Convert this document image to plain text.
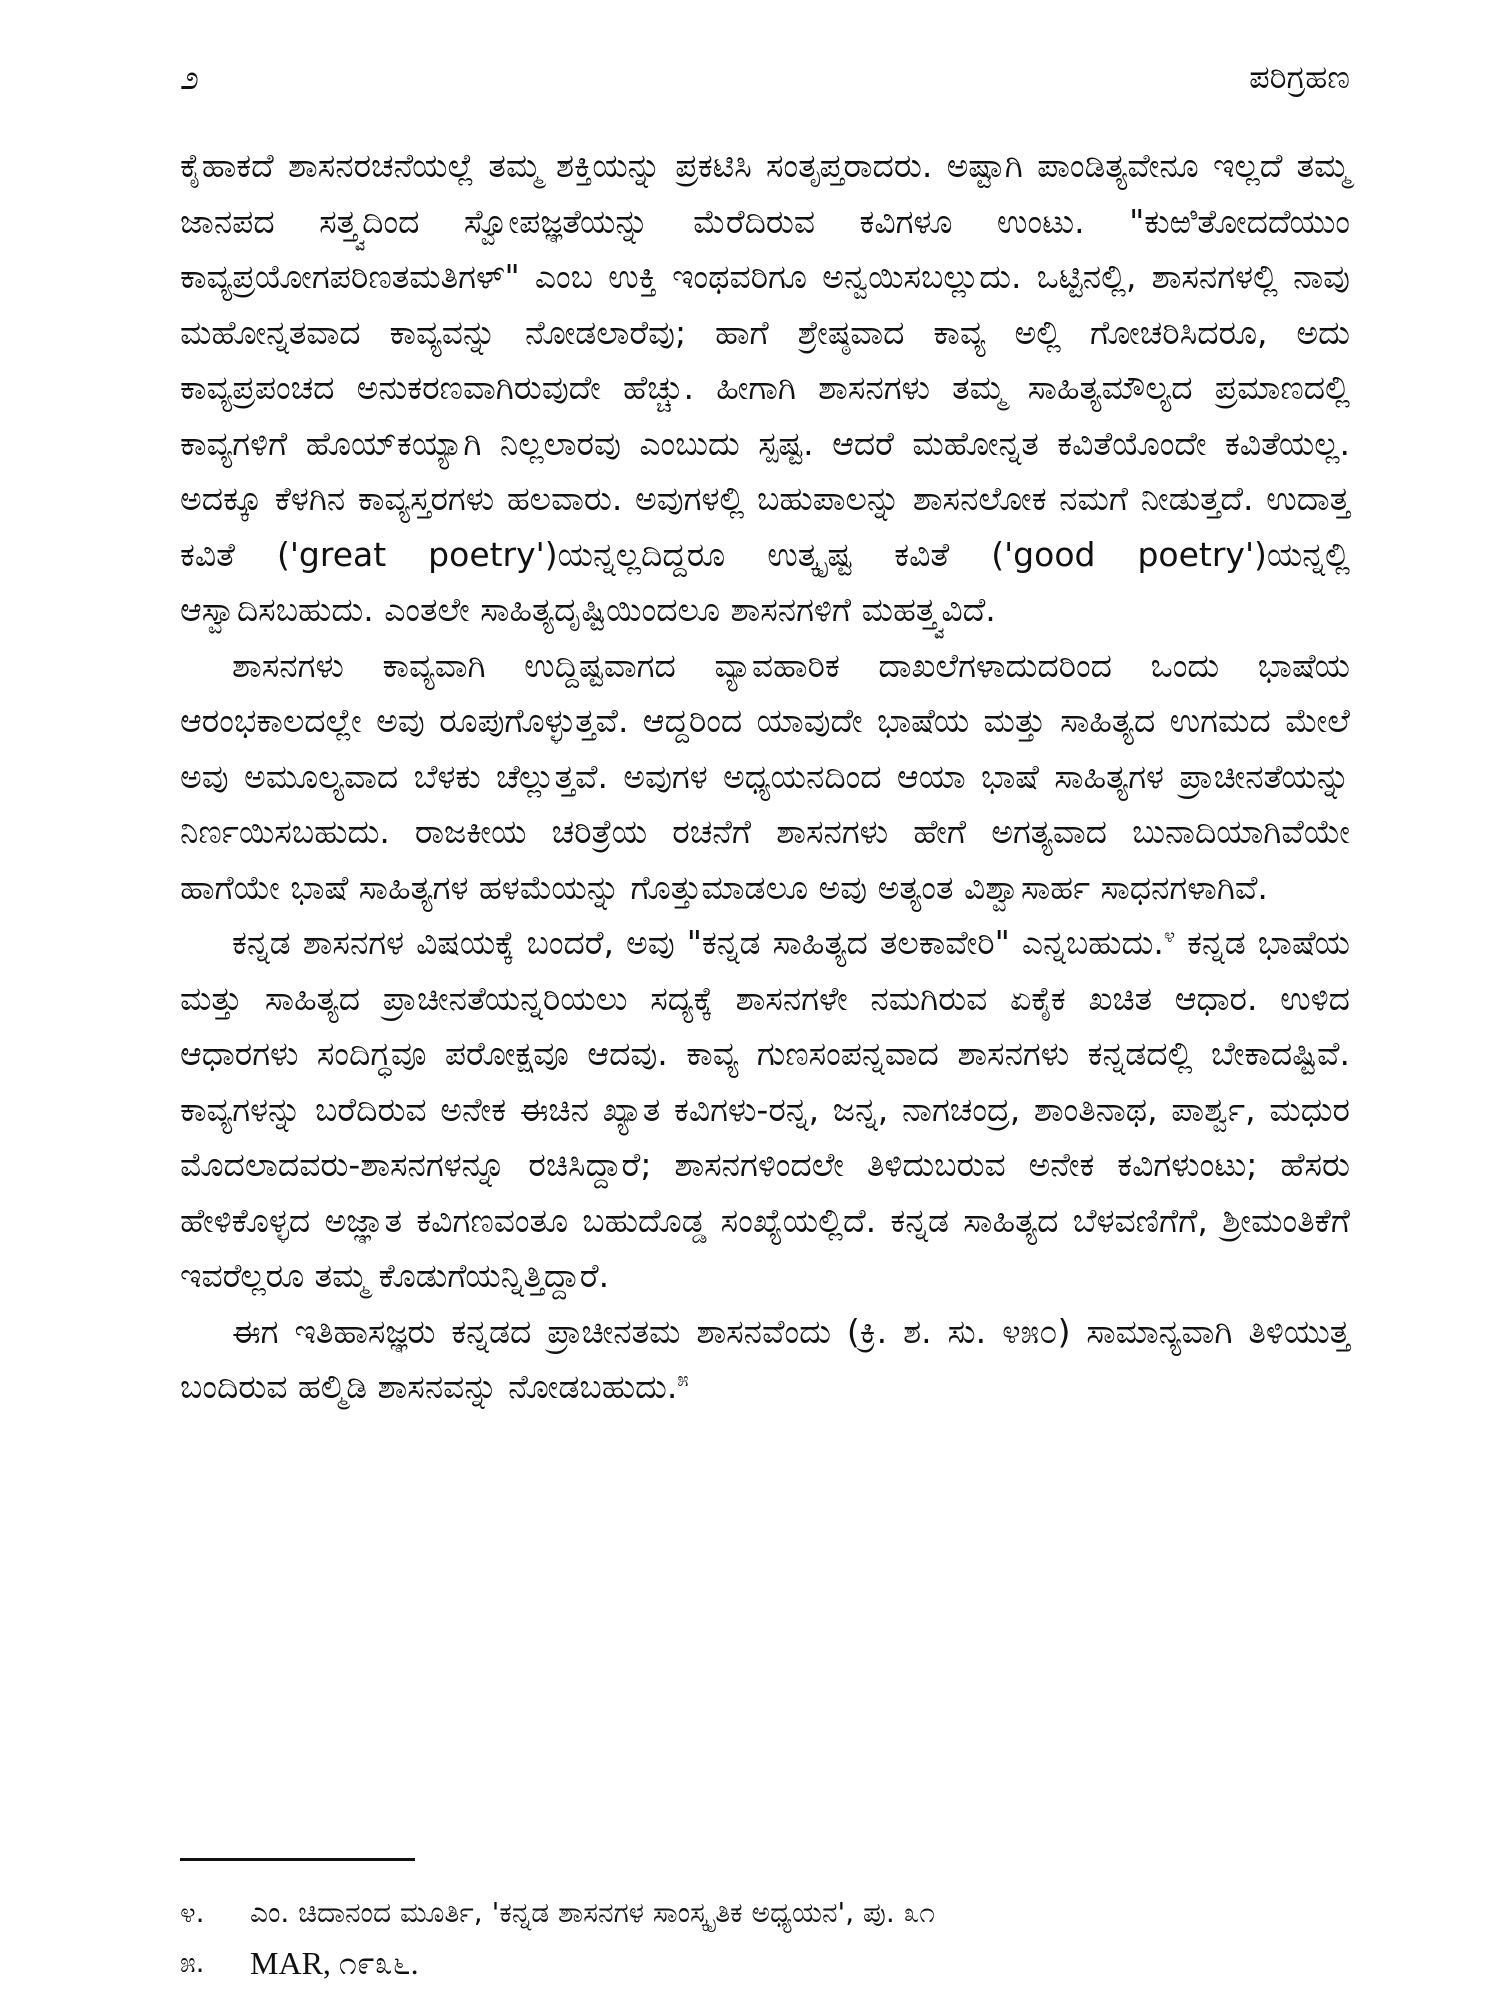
೨	ಪರಿಗ್ರಹಣ

ಕೈಹಾಕದೆ ಶಾಸನರಚನೆಯಲ್ಲೆ ತಮ್ಮ ಶಕ್ತಿಯನ್ನು ಪ್ರಕಟಿಸಿ ಸಂತೃಪ್ತರಾದರು. ಅಷ್ಟಾಗಿ ಪಾಂಡಿತ್ಯವೇನೂ ಇಲ್ಲದೆ ತಮ್ಮ ಜಾನಪದ ಸತ್ತ್ವದಿಂದ ಸ್ವೋಪಜ್ಞತೆಯನ್ನು ಮೆರೆದಿರುವ ಕವಿಗಳೂ ಉಂಟು. "ಕುಱಿತೋದದೆಯುಂ ಕಾವ್ಯಪ್ರಯೋಗಪರಿಣತಮತಿಗಳ್" ಎಂಬ ಉಕ್ತಿ ಇಂಥವರಿಗೂ ಅನ್ವಯಿಸಬಲ್ಲುದು. ಒಟ್ಟಿನಲ್ಲಿ, ಶಾಸನಗಳಲ್ಲಿ ನಾವು ಮಹೋನ್ನತವಾದ ಕಾವ್ಯವನ್ನು ನೋಡಲಾರೆವು; ಹಾಗೆ ಶ್ರೇಷ್ಠವಾದ ಕಾವ್ಯ ಅಲ್ಲಿ ಗೋಚರಿಸಿದರೂ, ಅದು ಕಾವ್ಯಪ್ರಪಂಚದ ಅನುಕರಣವಾಗಿರುವುದೇ ಹೆಚ್ಚು. ಹೀಗಾಗಿ ಶಾಸನಗಳು ತಮ್ಮ ಸಾಹಿತ್ಯಮೌಲ್ಯದ ಪ್ರಮಾಣದಲ್ಲಿ ಕಾವ್ಯಗಳಿಗೆ ಹೊಯ್‌ಕಯ್ಯಾಗಿ ನಿಲ್ಲಲಾರವು ಎಂಬುದು ಸ್ಪಷ್ಟ. ಆದರೆ ಮಹೋನ್ನತ ಕವಿತೆಯೊಂದೇ ಕವಿತೆಯಲ್ಲ. ಅದಕ್ಕೂ ಕೆಳಗಿನ ಕಾವ್ಯಸ್ತರಗಳು ಹಲವಾರು. ಅವುಗಳಲ್ಲಿ ಬಹುಪಾಲನ್ನು ಶಾಸನಲೋಕ ನಮಗೆ ನೀಡುತ್ತದೆ. ಉದಾತ್ತ ಕವಿತೆ ('great poetry')ಯನ್ನಲ್ಲದಿದ್ದರೂ ಉತ್ಕೃಷ್ಟ ಕವಿತೆ ('good poetry')ಯನ್ನಲ್ಲಿ ಆಸ್ವಾದಿಸಬಹುದು. ಎಂತಲೇ ಸಾಹಿತ್ಯದೃಷ್ಟಿಯಿಂದಲೂ ಶಾಸನಗಳಿಗೆ ಮಹತ್ತ್ವವಿದೆ.

ಶಾಸನಗಳು ಕಾವ್ಯವಾಗಿ ಉದ್ದಿಷ್ಟವಾಗದ ವ್ಯಾವಹಾರಿಕ ದಾಖಲೆಗಳಾದುದರಿಂದ ಒಂದು ಭಾಷೆಯ ಆರಂಭಕಾಲದಲ್ಲೇ ಅವು ರೂಪುಗೊಳ್ಳುತ್ತವೆ. ಆದ್ದರಿಂದ ಯಾವುದೇ ಭಾಷೆಯ ಮತ್ತು ಸಾಹಿತ್ಯದ ಉಗಮದ ಮೇಲೆ ಅವು ಅಮೂಲ್ಯವಾದ ಬೆಳಕು ಚೆಲ್ಲುತ್ತವೆ. ಅವುಗಳ ಅಧ್ಯಯನದಿಂದ ಆಯಾ ಭಾಷೆ ಸಾಹಿತ್ಯಗಳ ಪ್ರಾಚೀನತೆಯನ್ನು ನಿರ್ಣಯಿಸಬಹುದು. ರಾಜಕೀಯ ಚರಿತ್ರೆಯ ರಚನೆಗೆ ಶಾಸನಗಳು ಹೇಗೆ ಅಗತ್ಯವಾದ ಬುನಾದಿಯಾಗಿವೆಯೇ ಹಾಗೆಯೇ ಭಾಷೆ ಸಾಹಿತ್ಯಗಳ ಹಳಮೆಯನ್ನು ಗೊತ್ತುಮಾಡಲೂ ಅವು ಅತ್ಯಂತ ವಿಶ್ವಾಸಾರ್ಹ ಸಾಧನಗಳಾಗಿವೆ.

ಕನ್ನಡ ಶಾಸನಗಳ ವಿಷಯಕ್ಕೆ ಬಂದರೆ, ಅವು "ಕನ್ನಡ ಸಾಹಿತ್ಯದ ತಲಕಾವೇರಿ" ಎನ್ನಬಹುದು.$^೪$ ಕನ್ನಡ ಭಾಷೆಯ ಮತ್ತು ಸಾಹಿತ್ಯದ ಪ್ರಾಚೀನತೆಯನ್ನರಿಯಲು ಸದ್ಯಕ್ಕೆ ಶಾಸನಗಳೇ ನಮಗಿರುವ ಏಕೈಕ ಖಚಿತ ಆಧಾರ. ಉಳಿದ ಆಧಾರಗಳು ಸಂದಿಗ್ಧವೂ ಪರೋಕ್ಷವೂ ಆದವು. ಕಾವ್ಯ ಗುಣಸಂಪನ್ನವಾದ ಶಾಸನಗಳು ಕನ್ನಡದಲ್ಲಿ ಬೇಕಾದಷ್ಟಿವೆ. ಕಾವ್ಯಗಳನ್ನು ಬರೆದಿರುವ ಅನೇಕ ಈಚಿನ ಖ್ಯಾತ ಕವಿಗಳು-ರನ್ನ, ಜನ್ನ, ನಾಗಚಂದ್ರ, ಶಾಂತಿನಾಥ, ಪಾರ್ಶ್ವ, ಮಧುರ ಮೊದಲಾದವರು-ಶಾಸನಗಳನ್ನೂ ರಚಿಸಿದ್ದಾರೆ; ಶಾಸನಗಳಿಂದಲೇ ತಿಳಿದುಬರುವ ಅನೇಕ ಕವಿಗಳುಂಟು; ಹೆಸರು ಹೇಳಿಕೊಳ್ಳದ ಅಜ್ಞಾತ ಕವಿಗಣವಂತೂ ಬಹುದೊಡ್ಡ ಸಂಖ್ಯೆಯಲ್ಲಿದೆ. ಕನ್ನಡ ಸಾಹಿತ್ಯದ ಬೆಳವಣಿಗೆಗೆ, ಶ್ರೀಮಂತಿಕೆಗೆ ಇವರೆಲ್ಲರೂ ತಮ್ಮ ಕೊಡುಗೆಯನ್ನಿತ್ತಿದ್ದಾರೆ.

ಈಗ ಇತಿಹಾಸಜ್ಞರು ಕನ್ನಡದ ಪ್ರಾಚೀನತಮ ಶಾಸನವೆಂದು (ಕ್ರಿ. ಶ. ಸು. ೪೫೦) ಸಾಮಾನ್ಯವಾಗಿ ತಿಳಿಯುತ್ತ ಬಂದಿರುವ ಹಲ್ಮಿಡಿ ಶಾಸನವನ್ನು ನೋಡಬಹುದು.$^೫$

೪.	ಎಂ. ಚಿದಾನಂದ ಮೂರ್ತಿ, 'ಕನ್ನಡ ಶಾಸನಗಳ ಸಾಂಸ್ಕೃತಿಕ ಅಧ್ಯಯನ', ಪು. ೩೧
೫.	MAR, ೧೯೩೬.
